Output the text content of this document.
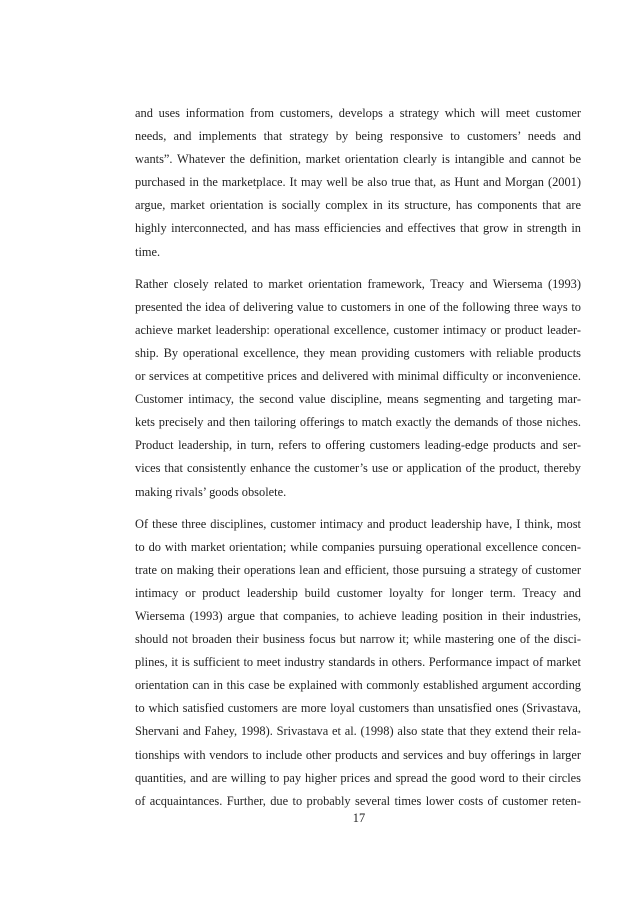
and uses information from customers, develops a strategy which will meet customer
needs, and implements that strategy by being responsive to customers’ needs and
wants”. Whatever the definition, market orientation clearly is intangible and cannot be
purchased in the marketplace. It may well be also true that, as Hunt and Morgan (2001)
argue, market orientation is socially complex in its structure, has components that are
highly interconnected, and has mass efficiencies and effectives that grow in strength in
time.

Rather closely related to market orientation framework, Treacy and Wiersema (1993)
presented the idea of delivering value to customers in one of the following three ways to
achieve market leadership: operational excellence, customer intimacy or product leader-
ship. By operational excellence, they mean providing customers with reliable products
or services at competitive prices and delivered with minimal difficulty or inconvenience.
Customer intimacy, the second value discipline, means segmenting and targeting mar-
kets precisely and then tailoring offerings to match exactly the demands of those niches.
Product leadership, in turn, refers to offering customers leading-edge products and ser-
vices that consistently enhance the customer’s use or application of the product, thereby
making rivals’ goods obsolete.

Of these three disciplines, customer intimacy and product leadership have, I think, most
to do with market orientation; while companies pursuing operational excellence concen-
trate on making their operations lean and efficient, those pursuing a strategy of customer
intimacy or product leadership build customer loyalty for longer term. Treacy and
Wiersema (1993) argue that companies, to achieve leading position in their industries,
should not broaden their business focus but narrow it; while mastering one of the disci-
plines, it is sufficient to meet industry standards in others. Performance impact of market
orientation can in this case be explained with commonly established argument according
to which satisfied customers are more loyal customers than unsatisfied ones (Srivastava,
Shervani and Fahey, 1998). Srivastava et al. (1998) also state that they extend their rela-
tionships with vendors to include other products and services and buy offerings in larger
quantities, and are willing to pay higher prices and spread the good word to their circles
of acquaintances. Further, due to probably several times lower costs of customer reten-

17
